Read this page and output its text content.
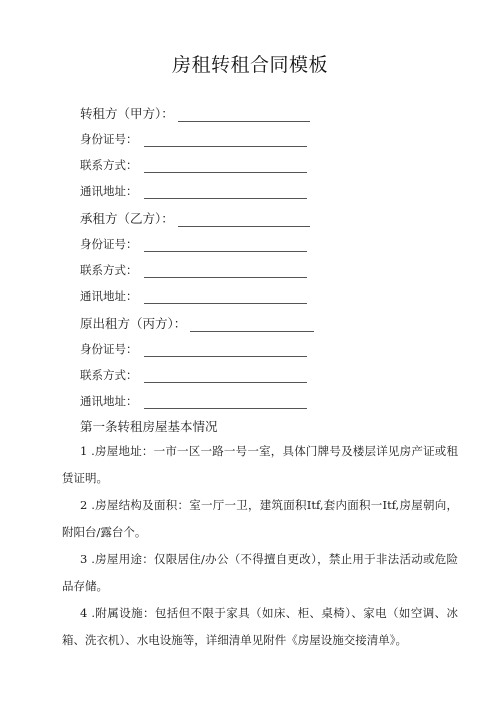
房租转租合同模板
转租方（甲方）：
身份证号：
联系方式：
通讯地址：
承租方（乙方）：
身份证号：
联系方式：
通讯地址：
原出租方（丙方）：
身份证号：
联系方式：
通讯地址：
第一条转租房屋基本情况
1 .房屋地址：一市一区一路一号一室，具体门牌号及楼层详见房产证或租赁证明。
2 .房屋结构及面积：室一厅一卫，建筑面积Itf,套内面积一Itf,房屋朝向，附阳台/露台个。
3 .房屋用途：仅限居住/办公（不得擅自更改），禁止用于非法活动或危险品存储。
4 .附属设施：包括但不限于家具（如床、柜、桌椅）、家电（如空调、冰箱、洗衣机）、水电设施等，详细清单见附件《房屋设施交接清单》。
